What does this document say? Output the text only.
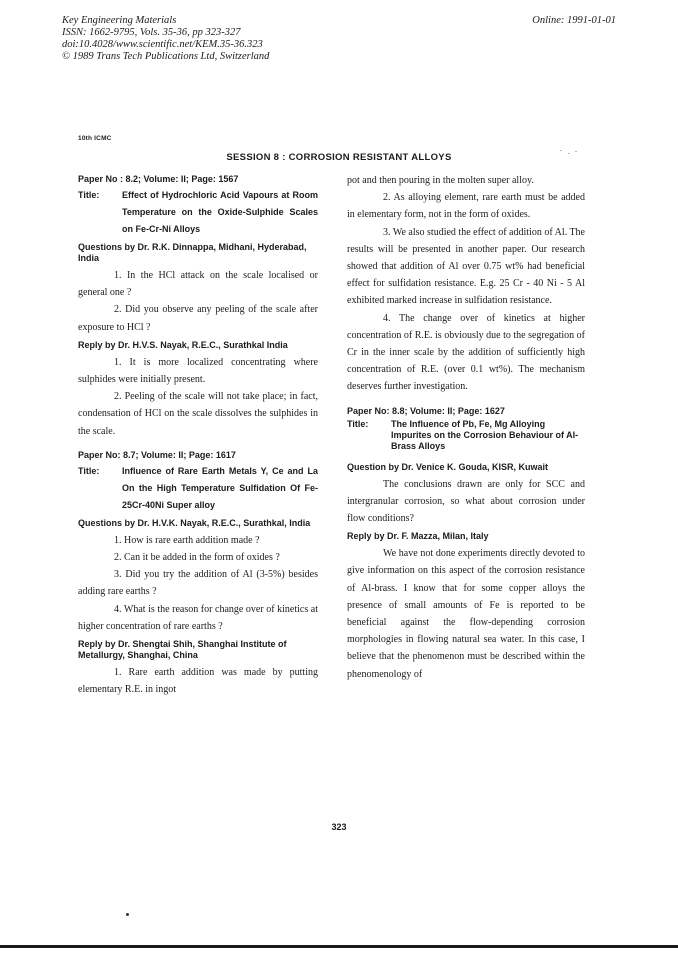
Key Engineering Materials
ISSN: 1662-9795, Vols. 35-36, pp 323-327
doi:10.4028/www.scientific.net/KEM.35-36.323
© 1989 Trans Tech Publications Ltd, Switzerland
Online: 1991-01-01
10th ICMC
SESSION 8 : CORROSION RESISTANT ALLOYS

Paper No : 8.2; Volume: II; Page: 1567

Title:	Effect of Hydrochloric Acid Vapours at Room Temperature on the Oxide-Sulphide Scales on Fe-Cr-Ni Alloys

Questions by Dr. R.K. Dinnappa, Midhani, Hyderabad, India

1. In the HCl attack on the scale localised or general one ?

2. Did you observe any peeling of the scale after exposure to HCl ?

Reply by Dr. H.V.S. Nayak, R.E.C., Surathkal India

1. It is more localized concentrating where sulphides were initially present.

2. Peeling of the scale will not take place; in fact, condensation of HCl on the scale dissolves the sulphides in the scale.

Paper No: 8.7; Volume: II; Page: 1617

Title:	Influence of Rare Earth Metals Y, Ce and La On the High Temperature Sulfidation Of Fe-25Cr-40Ni Super alloy

Questions by Dr. H.V.K. Nayak, R.E.C., Surathkal, India

1. How is rare earth addition made ?

2. Can it be added in the form of oxides ?

3. Did you try the addition of Al (3-5%) besides adding rare earths ?

4. What is the reason for change over of kinetics at higher concentration of rare earths ?

Reply by Dr. Shengtai Shih, Shanghai Institute of Metallurgy, Shanghai, China

1. Rare earth addition was made by putting elementary R.E. in ingot

pot and then pouring in the molten super alloy.

2. As alloying element, rare earth must be added in elementary form, not in the form of oxides.

3. We also studied the effect of addition of Al. The results will be presented in another paper. Our research showed that addition of Al over 0.75 wt% had beneficial effect for sulfidation resistance. E.g. 25 Cr - 40 Ni - 5 Al exhibited marked increase in sulfidation resistance.

4. The change over of kinetics at higher concentration of R.E. is obviously due to the segregation of Cr in the inner scale by the addition of sufficiently high concentration of R.E. (over 0.1 wt%). The mechanism deserves further investigation.

Paper No: 8.8; Volume: II; Page: 1627

Title:	The Influence of Pb, Fe, Mg Alloying Impurites on the Corrosion Behaviour of Al-Brass Alloys

Question by Dr. Venice K. Gouda, KISR, Kuwait

The conclusions drawn are only for SCC and intergranular corrosion, so what about corrosion under flow conditions?

Reply by Dr. F. Mazza, Milan, Italy

We have not done experiments directly devoted to give information on this aspect of the corrosion resistance of Al-brass. I know that for some copper alloys the presence of small amounts of Fe is reported to be beneficial against the flow-depending corrosion morphologies in flowing natural sea water. In this case, I believe that the phenomenon must be described within the phenomenology of

323
